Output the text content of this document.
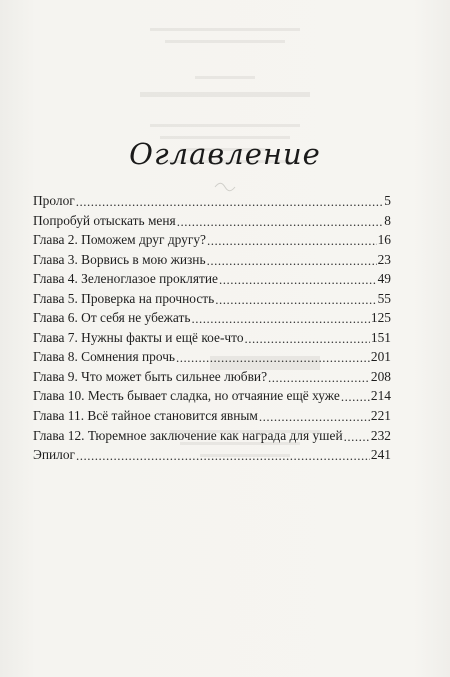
Оглавление
Пролог .....	5
Попробуй отыскать меня .....	8
Глава 2. Поможем друг другу? .....	16
Глава 3. Ворвись в мою жизнь .....	23
Глава 4. Зеленоглазое проклятие .....	49
Глава 5. Проверка на прочность .....	55
Глава 6. От себя не убежать .....	125
Глава 7. Нужны факты и ещё кое-что .....	151
Глава 8. Сомнения прочь .....	201
Глава 9. Что может быть сильнее любви? .....	208
Глава 10. Месть бывает сладка, но отчаяние ещё хуже ..... 214
Глава 11. Всё тайное становится явным .....	221
Глава 12. Тюремное заключение как награда для ушей ..... 232
Эпилог .....	241
